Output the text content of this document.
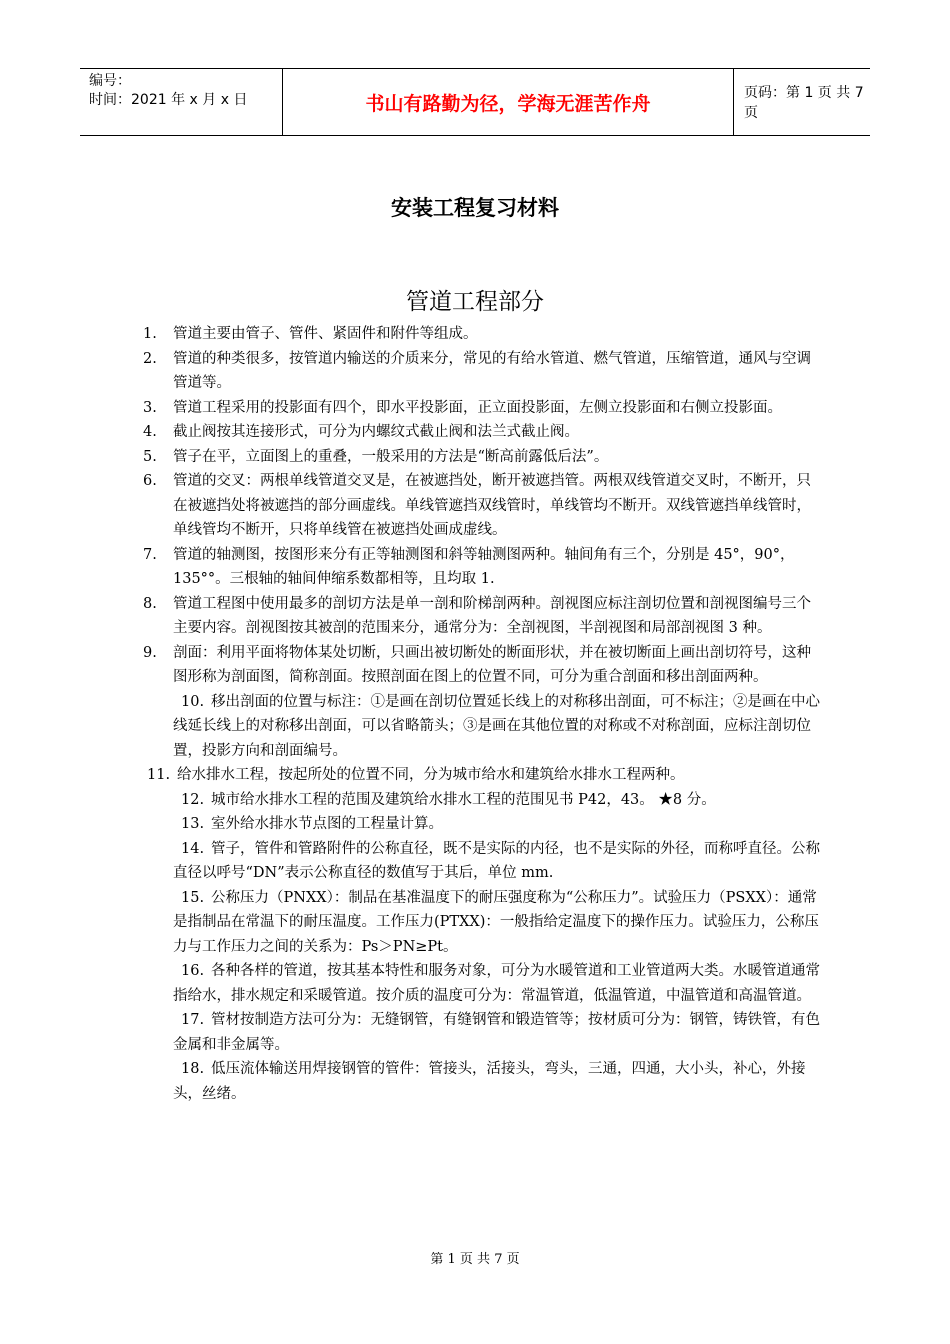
编号：
时间：2021 年 x 月 x 日	书山有路勤为径，学海无涯苦作舟	页码：第 1 页 共 7 页
安装工程复习材料
管道工程部分
1. 管道主要由管子、管件、紧固件和附件等组成。
2. 管道的种类很多，按管道内输送的介质来分，常见的有给水管道、燃气管道，压缩管道，通风与空调管道等。
3. 管道工程采用的投影面有四个，即水平投影面，正立面投影面，左侧立投影面和右侧立投影面。
4. 截止阀按其连接形式，可分为内螺纹式截止阀和法兰式截止阀。
5. 管子在平，立面图上的重叠，一般采用的方法是“断高前露低后法”。
6. 管道的交叉：两根单线管道交叉是，在被遮挡处，断开被遮挡管。两根双线管道交叉时，不断开，只在被遮挡处将被遮挡的部分画虚线。单线管遮挡双线管时，单线管均不断开。双线管遮挡单线管时，单线管均不断开，只将单线管在被遮挡处画成虚线。
7. 管道的轴测图，按图形来分有正等轴测图和斜等轴测图两种。轴间角有三个，分别是 45°，90°，135°°。三根轴的轴间伸缩系数都相等，且均取 1.
8. 管道工程图中使用最多的剖切方法是单一剖和阶梯剖两种。剖视图应标注剖切位置和剖视图编号三个主要内容。剖视图按其被剖的范围来分，通常分为：全剖视图，半剖视图和局部剖视图 3 种。
9. 剖面：利用平面将物体某处切断，只画出被切断处的断面形状，并在被切断面上画出剖切符号，这种图形称为剖面图，简称剖面。按照剖面在图上的位置不同，可分为重合剖面和移出剖面两种。
10. 移出剖面的位置与标注：①是画在剖切位置延长线上的对称移出剖面，可不标注；②是画在中心线延长线上的对称移出剖面，可以省略箭头；③是画在其他位置的对称或不对称剖面，应标注剖切位置，投影方向和剖面编号。
11. 给水排水工程，按起所处的位置不同，分为城市给水和建筑给水排水工程两种。
12. 城市给水排水工程的范围及建筑给水排水工程的范围见书 P42，43。 ★8 分。
13. 室外给水排水节点图的工程量计算。
14. 管子，管件和管路附件的公称直径，既不是实际的内径，也不是实际的外径，而称呼直径。公称直径以呼号“DN”表示公称直径的数值写于其后，单位 mm.
15. 公称压力（PNXX）：制品在基准温度下的耐压强度称为“公称压力”。试验压力（PSXX）：通常是指制品在常温下的耐压温度。工作压力(PTXX)：一般指给定温度下的操作压力。试验压力，公称压力与工作压力之间的关系为：Ps＞PN≥Pt。
16. 各种各样的管道，按其基本特性和服务对象，可分为水暖管道和工业管道两大类。水暖管道通常指给水，排水规定和采暖管道。按介质的温度可分为：常温管道，低温管道，中温管道和高温管道。
17. 管材按制造方法可分为：无缝钢管，有缝钢管和锻造管等；按材质可分为：钢管，铸铁管，有色金属和非金属等。
18. 低压流体输送用焊接钢管的管件：管接头，活接头，弯头，三通，四通，大小头，补心，外接头，丝绪。
第 1 页 共 7 页
